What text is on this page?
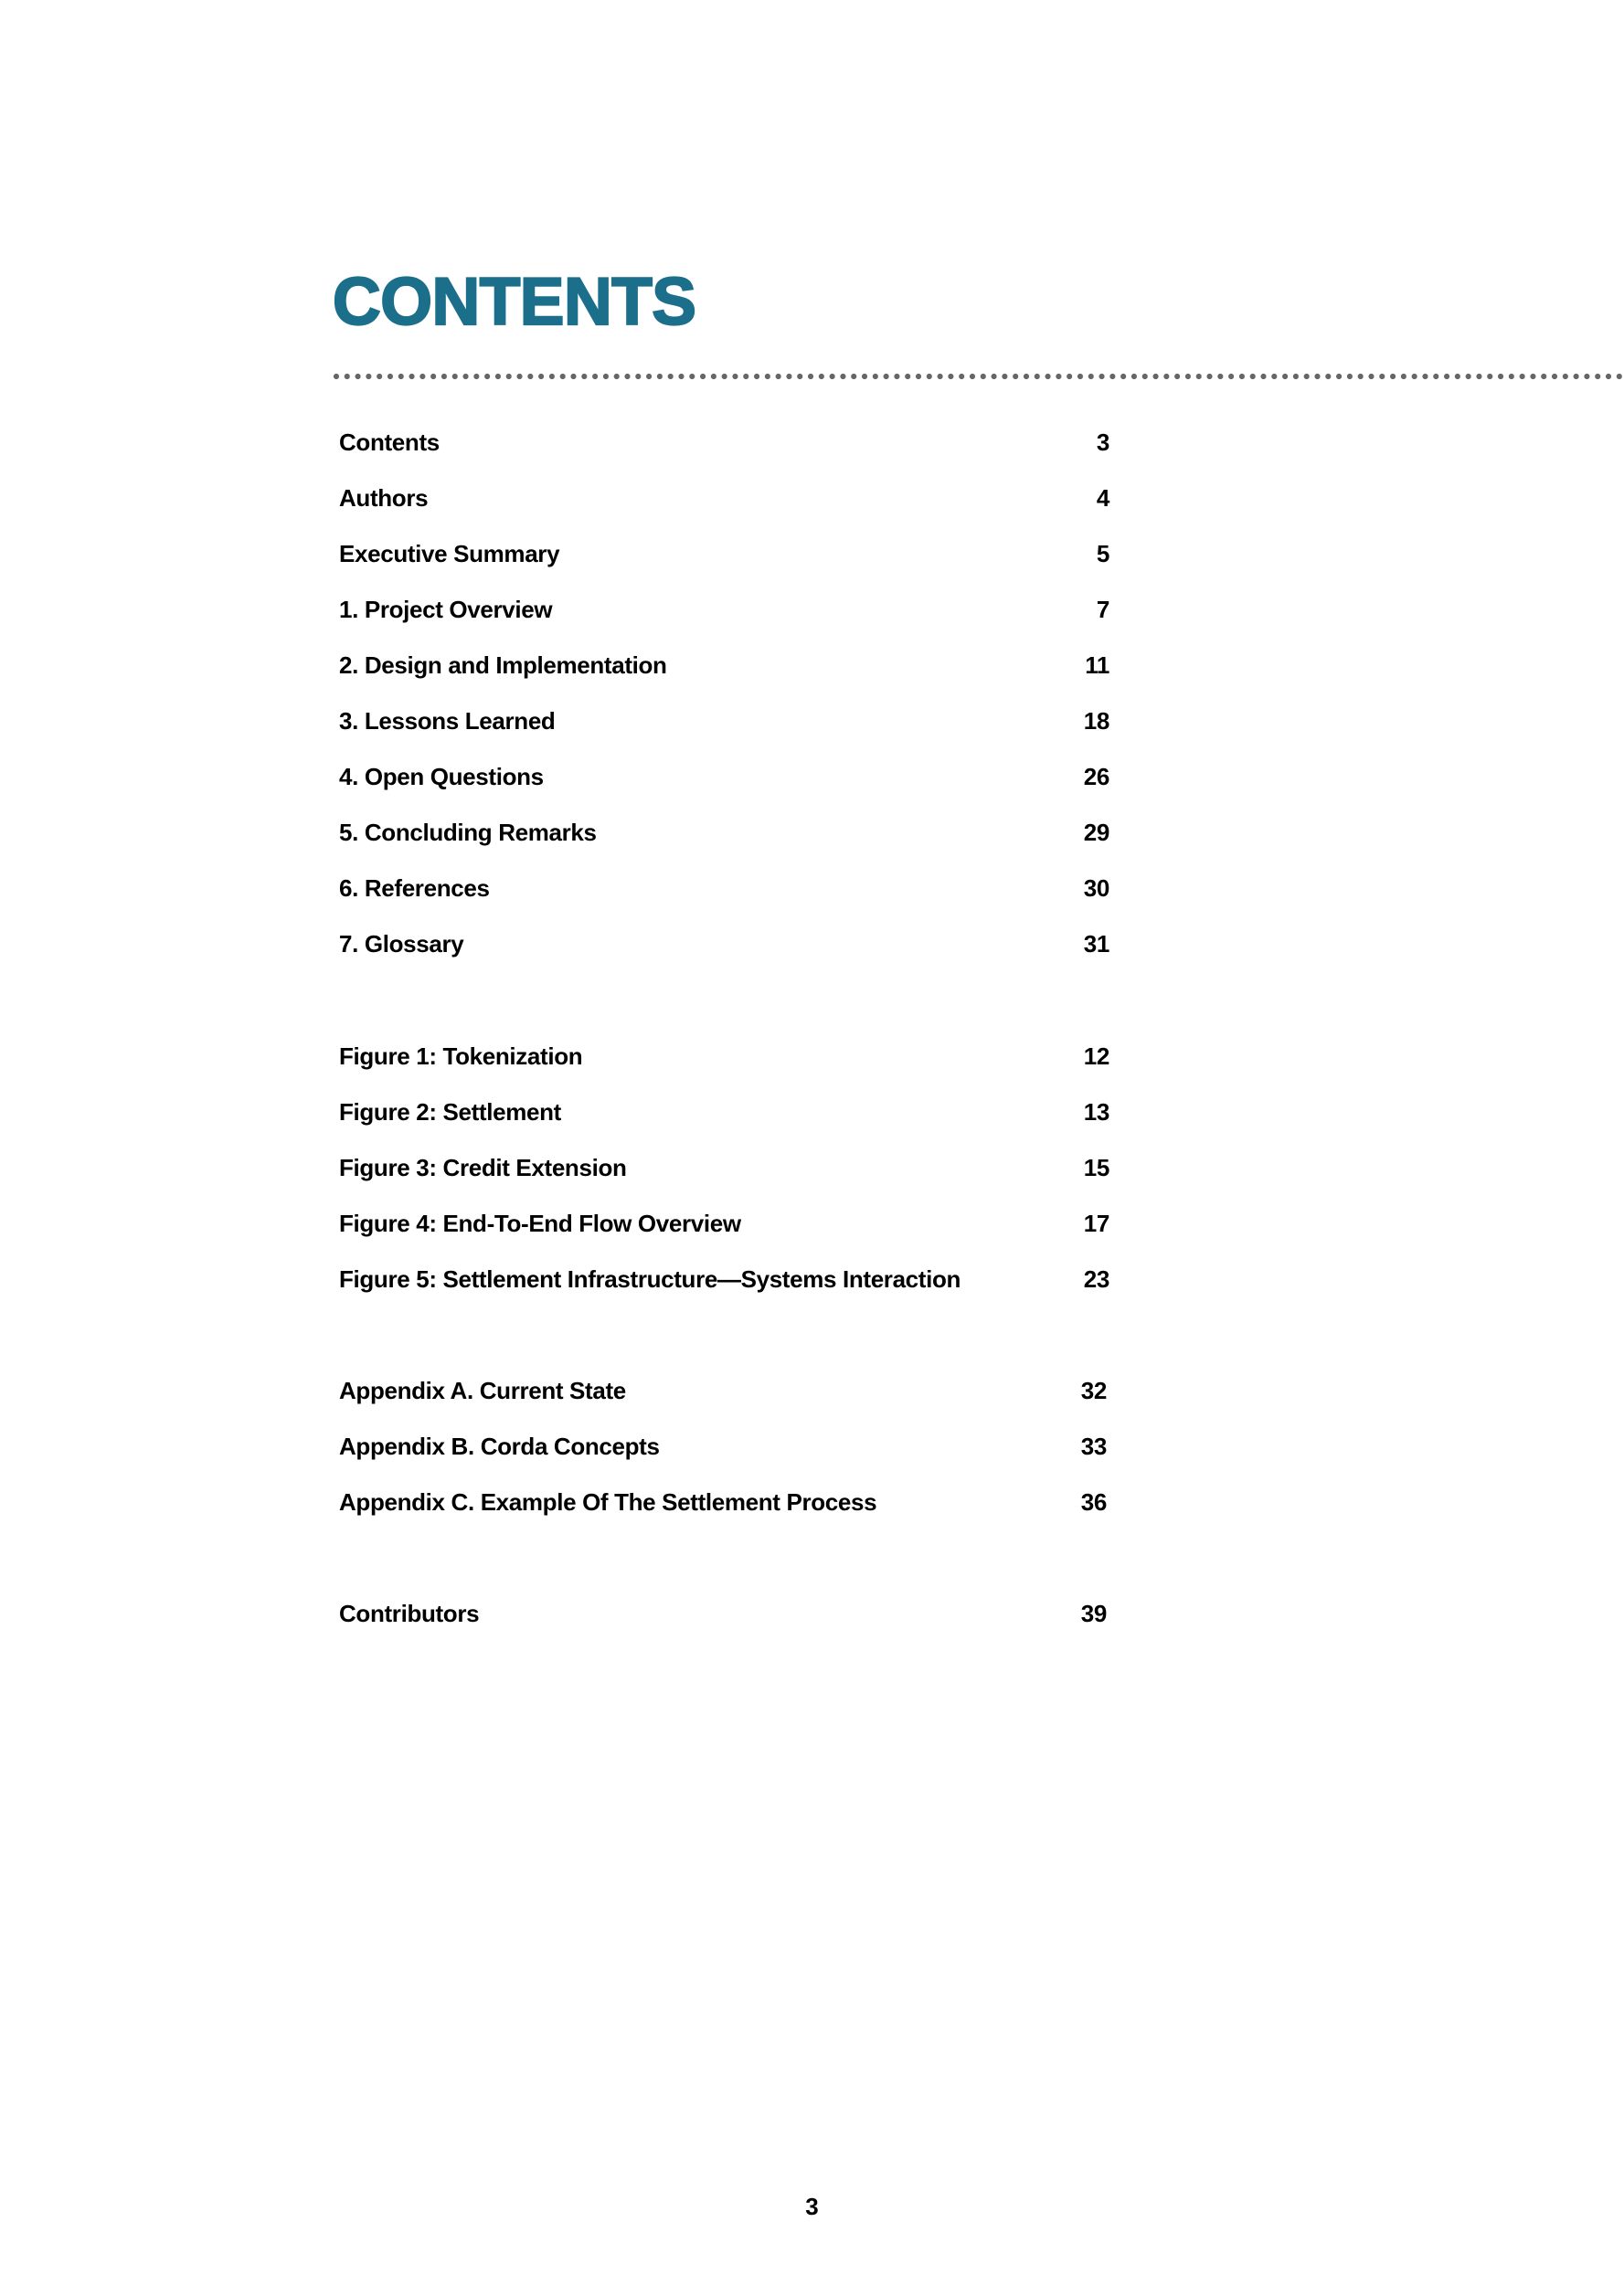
CONTENTS
Contents	3
Authors	4
Executive Summary	5
1. Project Overview	7
2. Design and Implementation	11
3. Lessons Learned	18
4. Open Questions	26
5. Concluding Remarks	29
6. References	30
7. Glossary	31
Figure 1: Tokenization	12
Figure 2: Settlement	13
Figure 3: Credit Extension	15
Figure 4: End-To-End Flow Overview	17
Figure 5: Settlement Infrastructure—Systems Interaction	23
Appendix A. Current State	32
Appendix B. Corda Concepts	33
Appendix C. Example Of The Settlement Process	36
Contributors	39
3
